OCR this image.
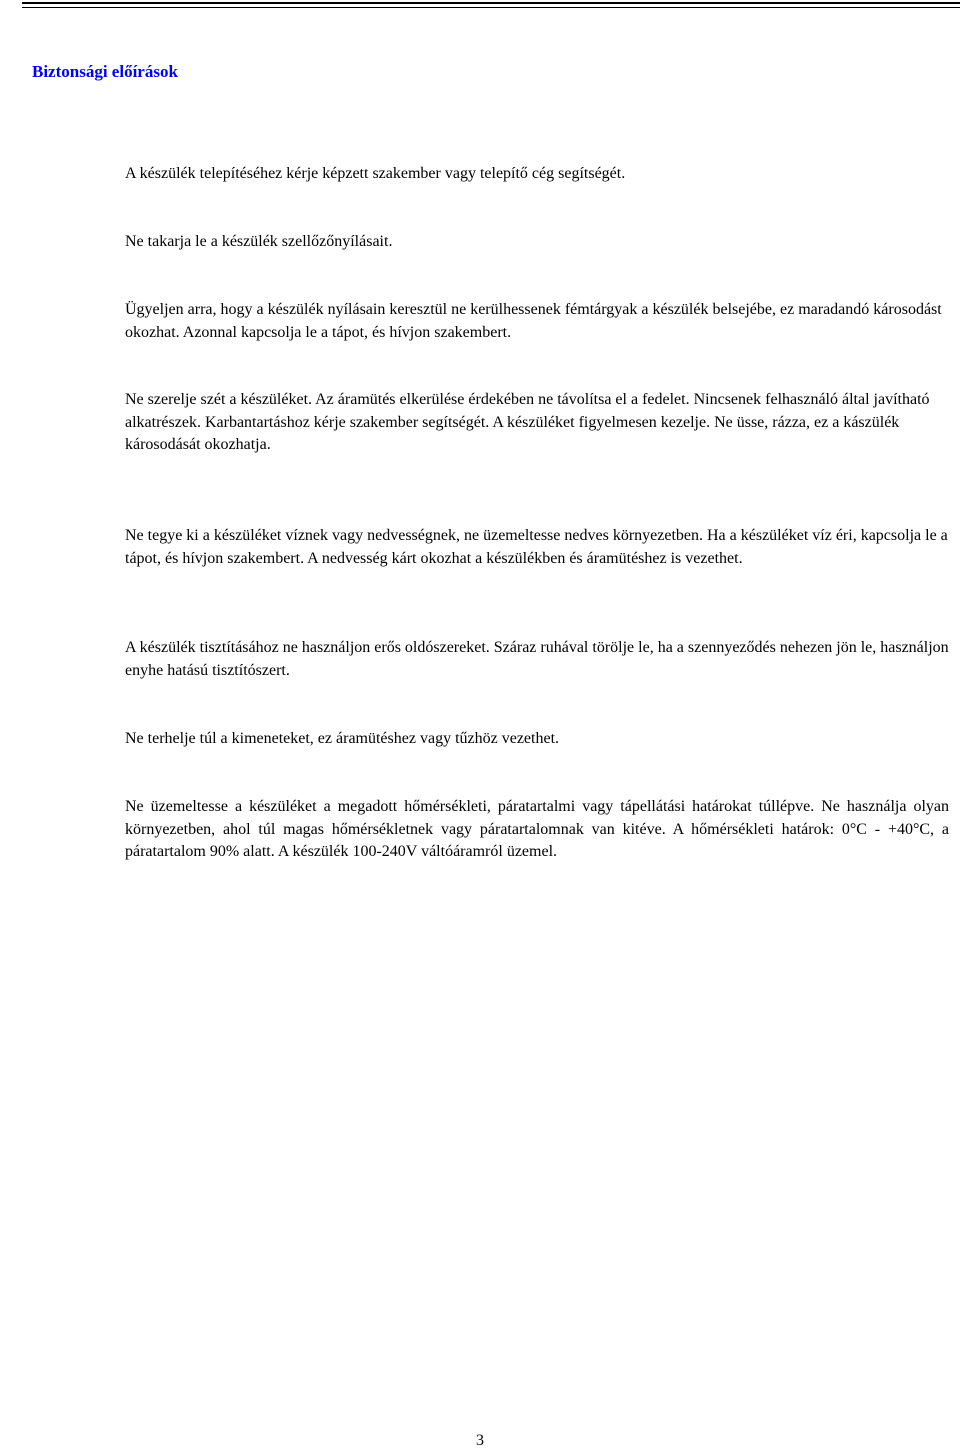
Biztonsági előírások

A készülék telepítéséhez kérje képzett szakember vagy telepítő cég segítségét.

Ne takarja le a készülék szellőzőnyílásait.

Ügyeljen arra, hogy a készülék nyílásain keresztül ne kerülhessenek fémtárgyak a készülék belsejébe, ez maradandó károsodást okozhat. Azonnal kapcsolja le a tápot, és hívjon szakembert.

Ne szerelje szét a készüléket. Az áramütés elkerülése érdekében ne távolítsa el a fedelet. Nincsenek felhasználó által javítható alkatrészek. Karbantartáshoz kérje szakember segítségét. A készüléket figyelmesen kezelje. Ne üsse, rázza, ez a kászülék károsodását okozhatja.

Ne tegye ki a készüléket víznek vagy nedvességnek, ne üzemeltesse nedves környezetben. Ha a készüléket víz éri, kapcsolja le a tápot, és hívjon szakembert. A nedvesség kárt okozhat a készülékben és áramütéshez is vezethet.

A készülék tisztításához ne használjon erős oldószereket. Száraz ruhával törölje le, ha a szennyeződés nehezen jön le, használjon enyhe hatású tisztítószert.

Ne terhelje túl a kimeneteket, ez áramütéshez vagy tűzhöz vezethet.

Ne üzemeltesse a készüléket a megadott hőmérsékleti, páratartalmi vagy tápellátási határokat túllépve. Ne használja olyan környezetben, ahol túl magas hőmérsékletnek vagy páratartalomnak van kitéve. A hőmérsékleti határok: 0°C - +40°C, a páratartalom 90% alatt. A készülék 100-240V váltóáramról üzemel.

3
